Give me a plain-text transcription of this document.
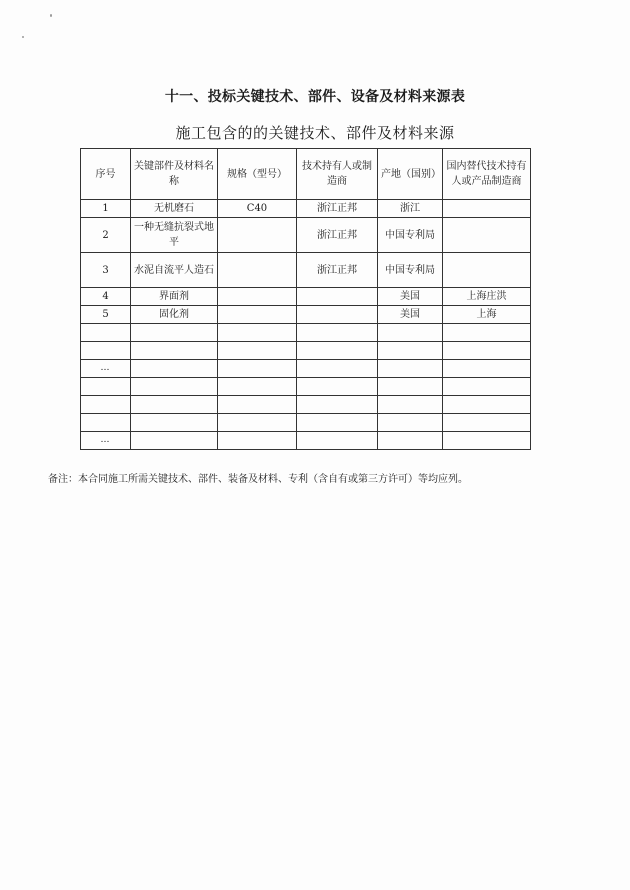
十一、投标关键技术、部件、设备及材料来源表
施工包含的的关键技术、部件及材料来源
序号	关键部件及材料名称	规格（型号）	技术持有人或制造商	产地（国别）	国内替代技术持有人或产品制造商
1	无机磨石	C40	浙江正邦	浙江	
2	一种无缝抗裂式地平		浙江正邦	中国专利局	
3	水泥自流平人造石		浙江正邦	中国专利局	
4	界面剂			美国	上海庄洪
5	固化剂			美国	上海

…					

…					
备注：本合同施工所需关键技术、部件、装备及材料、专利（含自有或第三方许可）等均应列。
